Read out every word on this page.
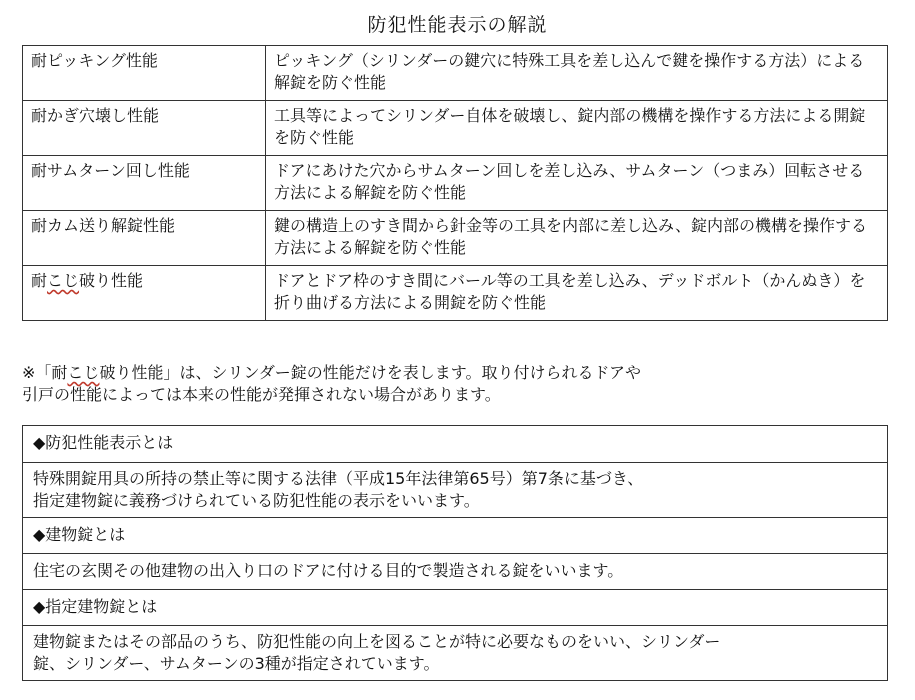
防犯性能表示の解説
耐ピッキング性能	ピッキング（シリンダーの鍵穴に特殊工具を差し込んで鍵を操作する方法）による解錠を防ぐ性能
耐かぎ穴壊し性能	工具等によってシリンダー自体を破壊し、錠内部の機構を操作する方法による開錠を防ぐ性能
耐サムターン回し性能	ドアにあけた穴からサムターン回しを差し込み、サムターン（つまみ）回転させる方法による解錠を防ぐ性能
耐カム送り解錠性能	鍵の構造上のすき間から針金等の工具を内部に差し込み、錠内部の機構を操作する方法による解錠を防ぐ性能
耐こじ破り性能	ドアとドア枠のすき間にバール等の工具を差し込み、デッドボルト（かんぬき）を折り曲げる方法による開錠を防ぐ性能
※「耐こじ破り性能」は、シリンダー錠の性能だけを表します。取り付けられるドアや
引戸の性能によっては本来の性能が発揮されない場合があります。
◆防犯性能表示とは
特殊開錠用具の所持の禁止等に関する法律（平成15年法律第65号）第7条に基づき、
指定建物錠に義務づけられている防犯性能の表示をいいます。
◆建物錠とは
住宅の玄関その他建物の出入り口のドアに付ける目的で製造される錠をいいます。
◆指定建物錠とは
建物錠またはその部品のうち、防犯性能の向上を図ることが特に必要なものをいい、シリンダー
錠、シリンダー、サムターンの3種が指定されています。
